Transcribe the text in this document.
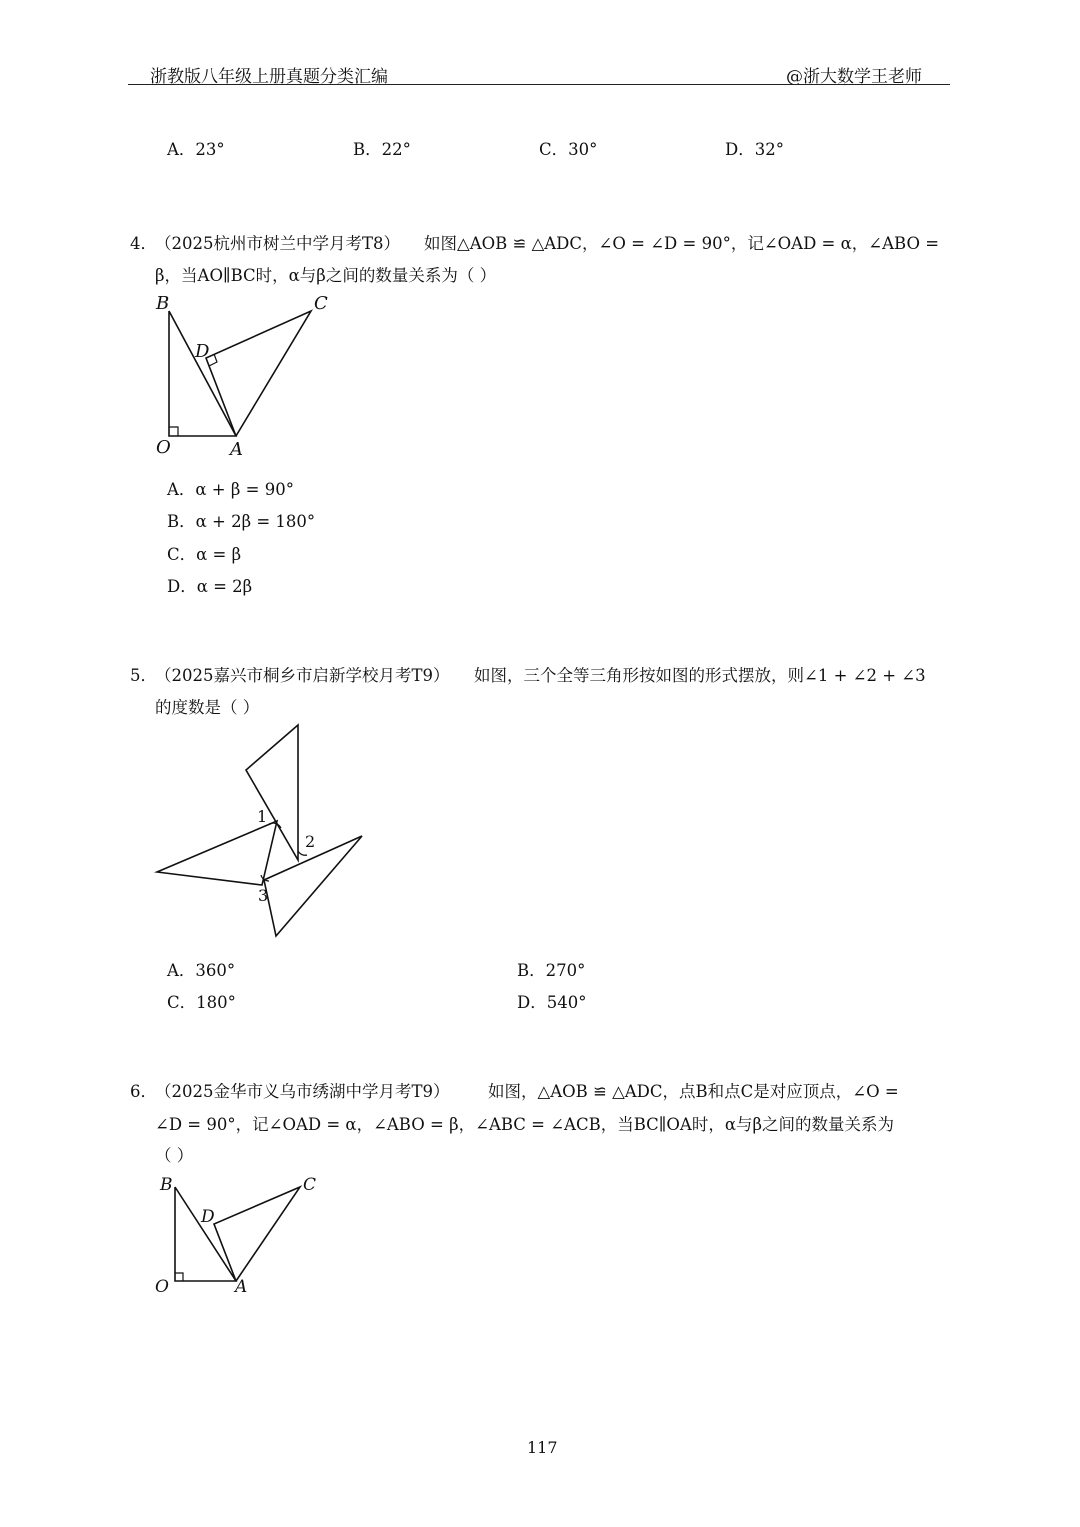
浙教版八年级上册真题分类汇编	@浙大数学王老师
A．23°	B．22°	C．30°	D．32°
4．
（2025杭州市树兰中学月考T8） 如图△AOB ≌ △ADC，∠O = ∠D = 90°，记∠OAD = α，∠ABO =
β，当AO∥BC时，α与β之间的数量关系为（ ）
B	C
D
O	A
A．α + β = 90°
B．α + 2β = 180°
C．α = β
D．α = 2β
5．
（2025嘉兴市桐乡市启新学校月考T9） 如图，三个全等三角形按如图的形式摆放，则∠1 + ∠2 + ∠3
的度数是（ ）
1
2
3
A．360°	B．270°
C．180°	D．540°
6．
（2025金华市义乌市绣湖中学月考T9） 如图，△AOB ≌ △ADC，点B和点C是对应顶点，∠O =
∠D = 90°，记∠OAD = α，∠ABO = β，∠ABC = ∠ACB，当BC∥OA时，α与β之间的数量关系为
（ ）
B	C
D
O	A
117
